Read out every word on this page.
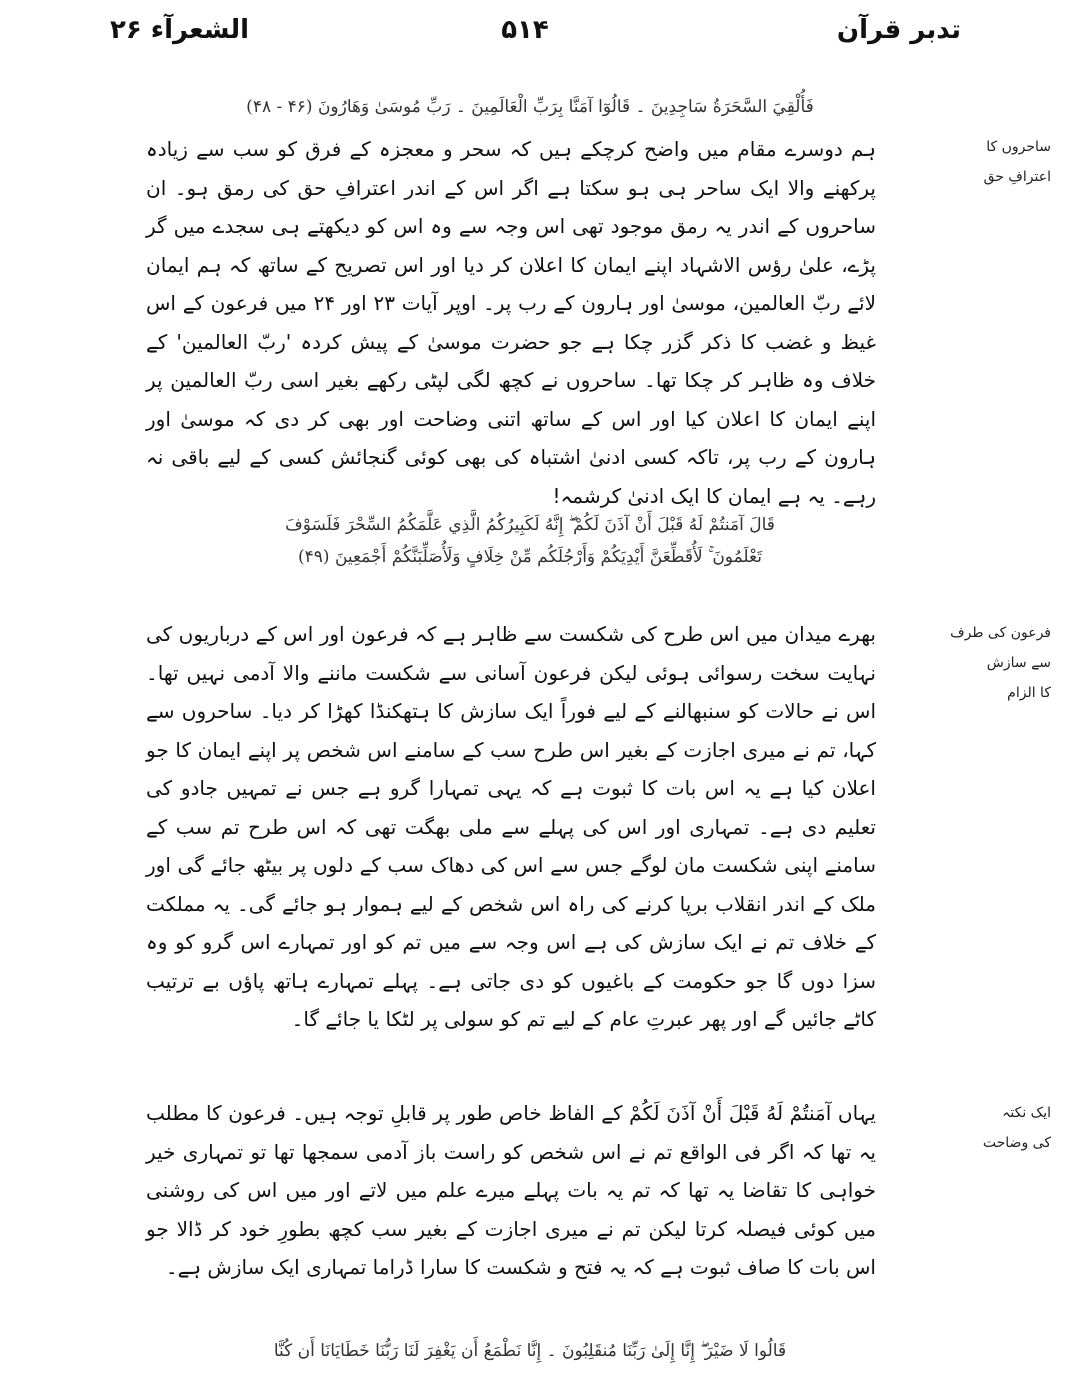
تدبر قرآن
۵۱۴
الشعرآء ۲۶
فَأُلْقِيَ السَّحَرَةُ سَاجِدِينَ ۔ قَالُوٓا آمَنَّا بِرَبِّ الْعَالَمِينَ ۔ رَبِّ مُوسَىٰ وَهَارُونَ (۴۶ - ۴۸)
ساحروں کا
اعترافِ حق

ہم دوسرے مقام میں واضح کرچکے ہیں کہ سحر و معجزہ کے فرق کو سب سے زیادہ پرکھنے والا ایک ساحر ہی ہو سکتا ہے اگر اس کے اندر اعترافِ حق کی رمق ہو۔ ان ساحروں کے اندر یہ رمق موجود تھی اس وجہ سے وہ اس کو دیکھتے ہی سجدے میں گر پڑے، علیٰ رؤس الاشہاد اپنے ایمان کا اعلان کر دیا اور اس تصریح کے ساتھ کہ ہم ایمان لائے ربّ العالمین، موسیٰ اور ہارون کے رب پر۔ اوپر آیات ۲۳ اور ۲۴ میں فرعون کے اس غیظ و غضب کا ذکر گزر چکا ہے جو حضرت موسیٰ کے پیش کردہ 'ربّ العالمین' کے خلاف وہ ظاہر کر چکا تھا۔ ساحروں نے کچھ لگی لپٹی رکھے بغیر اسی ربّ العالمین پر اپنے ایمان کا اعلان کیا اور اس کے ساتھ اتنی وضاحت اور بھی کر دی کہ موسیٰ اور ہارون کے رب پر، تاکہ کسی ادنیٰ اشتباہ کی بھی کوئی گنجائش کسی کے لیے باقی نہ رہے۔ یہ ہے ایمان کا ایک ادنیٰ کرشمہ!

قَالَ آمَنتُمْ لَهُ قَبْلَ أَنْ آذَنَ لَكُمْ ۖ إِنَّهُ لَكَبِيرُكُمُ الَّذِي عَلَّمَكُمُ السِّحْرَ فَلَسَوْفَ
تَعْلَمُونَ ۚ لَأُقَطِّعَنَّ أَيْدِيَكُمْ وَأَرْجُلَكُم مِّنْ خِلَافٍ وَلَأُصَلِّبَنَّكُمْ أَجْمَعِينَ (۴۹)
فرعون کی طرف
سے سازش
کا الزام

بھرے میدان میں اس طرح کی شکست سے ظاہر ہے کہ فرعون اور اس کے درباریوں کی نہایت سخت رسوائی ہوئی لیکن فرعون آسانی سے شکست ماننے والا آدمی نہیں تھا۔ اس نے حالات کو سنبھالنے کے لیے فوراً ایک سازش کا ہتھکنڈا کھڑا کر دیا۔ ساحروں سے کہا، تم نے میری اجازت کے بغیر اس طرح سب کے سامنے اس شخص پر اپنے ایمان کا جو اعلان کیا ہے یہ اس بات کا ثبوت ہے کہ یہی تمہارا گرو ہے جس نے تمہیں جادو کی تعلیم دی ہے۔ تمہاری اور اس کی پہلے سے ملی بھگت تھی کہ اس طرح تم سب کے سامنے اپنی شکست مان لوگے جس سے اس کی دھاک سب کے دلوں پر بیٹھ جائے گی اور ملک کے اندر انقلاب برپا کرنے کی راہ اس شخص کے لیے ہموار ہو جائے گی۔ یہ مملکت کے خلاف تم نے ایک سازش کی ہے اس وجہ سے میں تم کو اور تمہارے اس گرو کو وہ سزا دوں گا جو حکومت کے باغیوں کو دی جاتی ہے۔ پہلے تمہارے ہاتھ پاؤں بے ترتیب کاٹے جائیں گے اور پھر عبرتِ عام کے لیے تم کو سولی پر لٹکا یا جائے گا۔

ایک نکتہ
کی وضاحت

یہاں آمَنتُمْ لَهُ قَبْلَ أَنْ آذَنَ لَكُمْ کے الفاظ خاص طور پر قابلِ توجہ ہیں۔ فرعون کا مطلب یہ تھا کہ اگر فی الواقع تم نے اس شخص کو راست باز آدمی سمجھا تھا تو تمہاری خیر خواہی کا تقاضا یہ تھا کہ تم یہ بات پہلے میرے علم میں لاتے اور میں اس کی روشنی میں کوئی فیصلہ کرتا لیکن تم نے میری اجازت کے بغیر سب کچھ بطورِ خود کر ڈالا جو اس بات کا صاف ثبوت ہے کہ یہ فتح و شکست کا سارا ڈراما تمہاری ایک سازش ہے۔

قَالُوا لَا ضَيْرَ ۖ إِنَّا إِلَىٰ رَبِّنَا مُنقَلِبُونَ ۔ إِنَّا نَطْمَعُ أَن يَغْفِرَ لَنَا رَبُّنَا خَطَايَانَا أَن كُنَّا
